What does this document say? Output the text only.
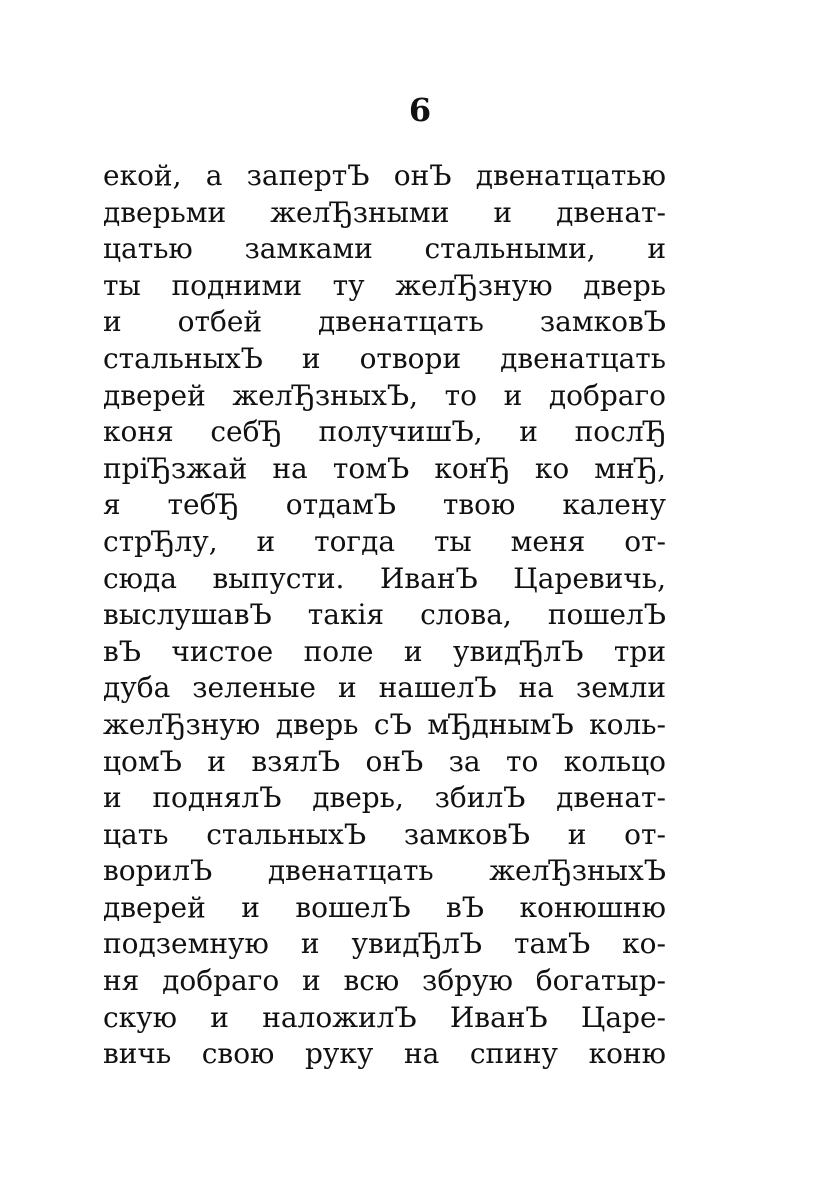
6
екой, а запертЪ онЪ двенатцатью
дверьми желЂзными и двенат-
цатью замками стальными, и
ты подними ту желЂзную дверь
и отбей двенатцать замковЪ
стальныхЪ и отвори двенатцать
дверей желЂзныхЪ, то и добраго
коня себЂ получишЪ, и послЂ
прiЂзжай на томЪ конЂ ко мнЂ,
я тебЂ отдамЪ твою калену
стрЂлу, и тогда ты меня от-
сюда выпусти. ИванЪ Царевичь,
выслушавЪ такiя слова, пошелЪ
вЪ чистое поле и увидЂлЪ три
дуба зеленые и нашелЪ на земли
желЂзную дверь сЪ мЂднымЪ коль-
цомЪ и взялЪ онЪ за то кольцо
и поднялЪ дверь, збилЪ двенат-
цать стальныхЪ замковЪ и от-
ворилЪ двенатцать желЂзныхЪ
дверей и вошелЪ вЪ конюшню
подземную и увидЂлЪ тамЪ ко-
ня добраго и всю збрую богатыр-
скую и наложилЪ ИванЪ Царе-
вичь свою руку на спину коню
